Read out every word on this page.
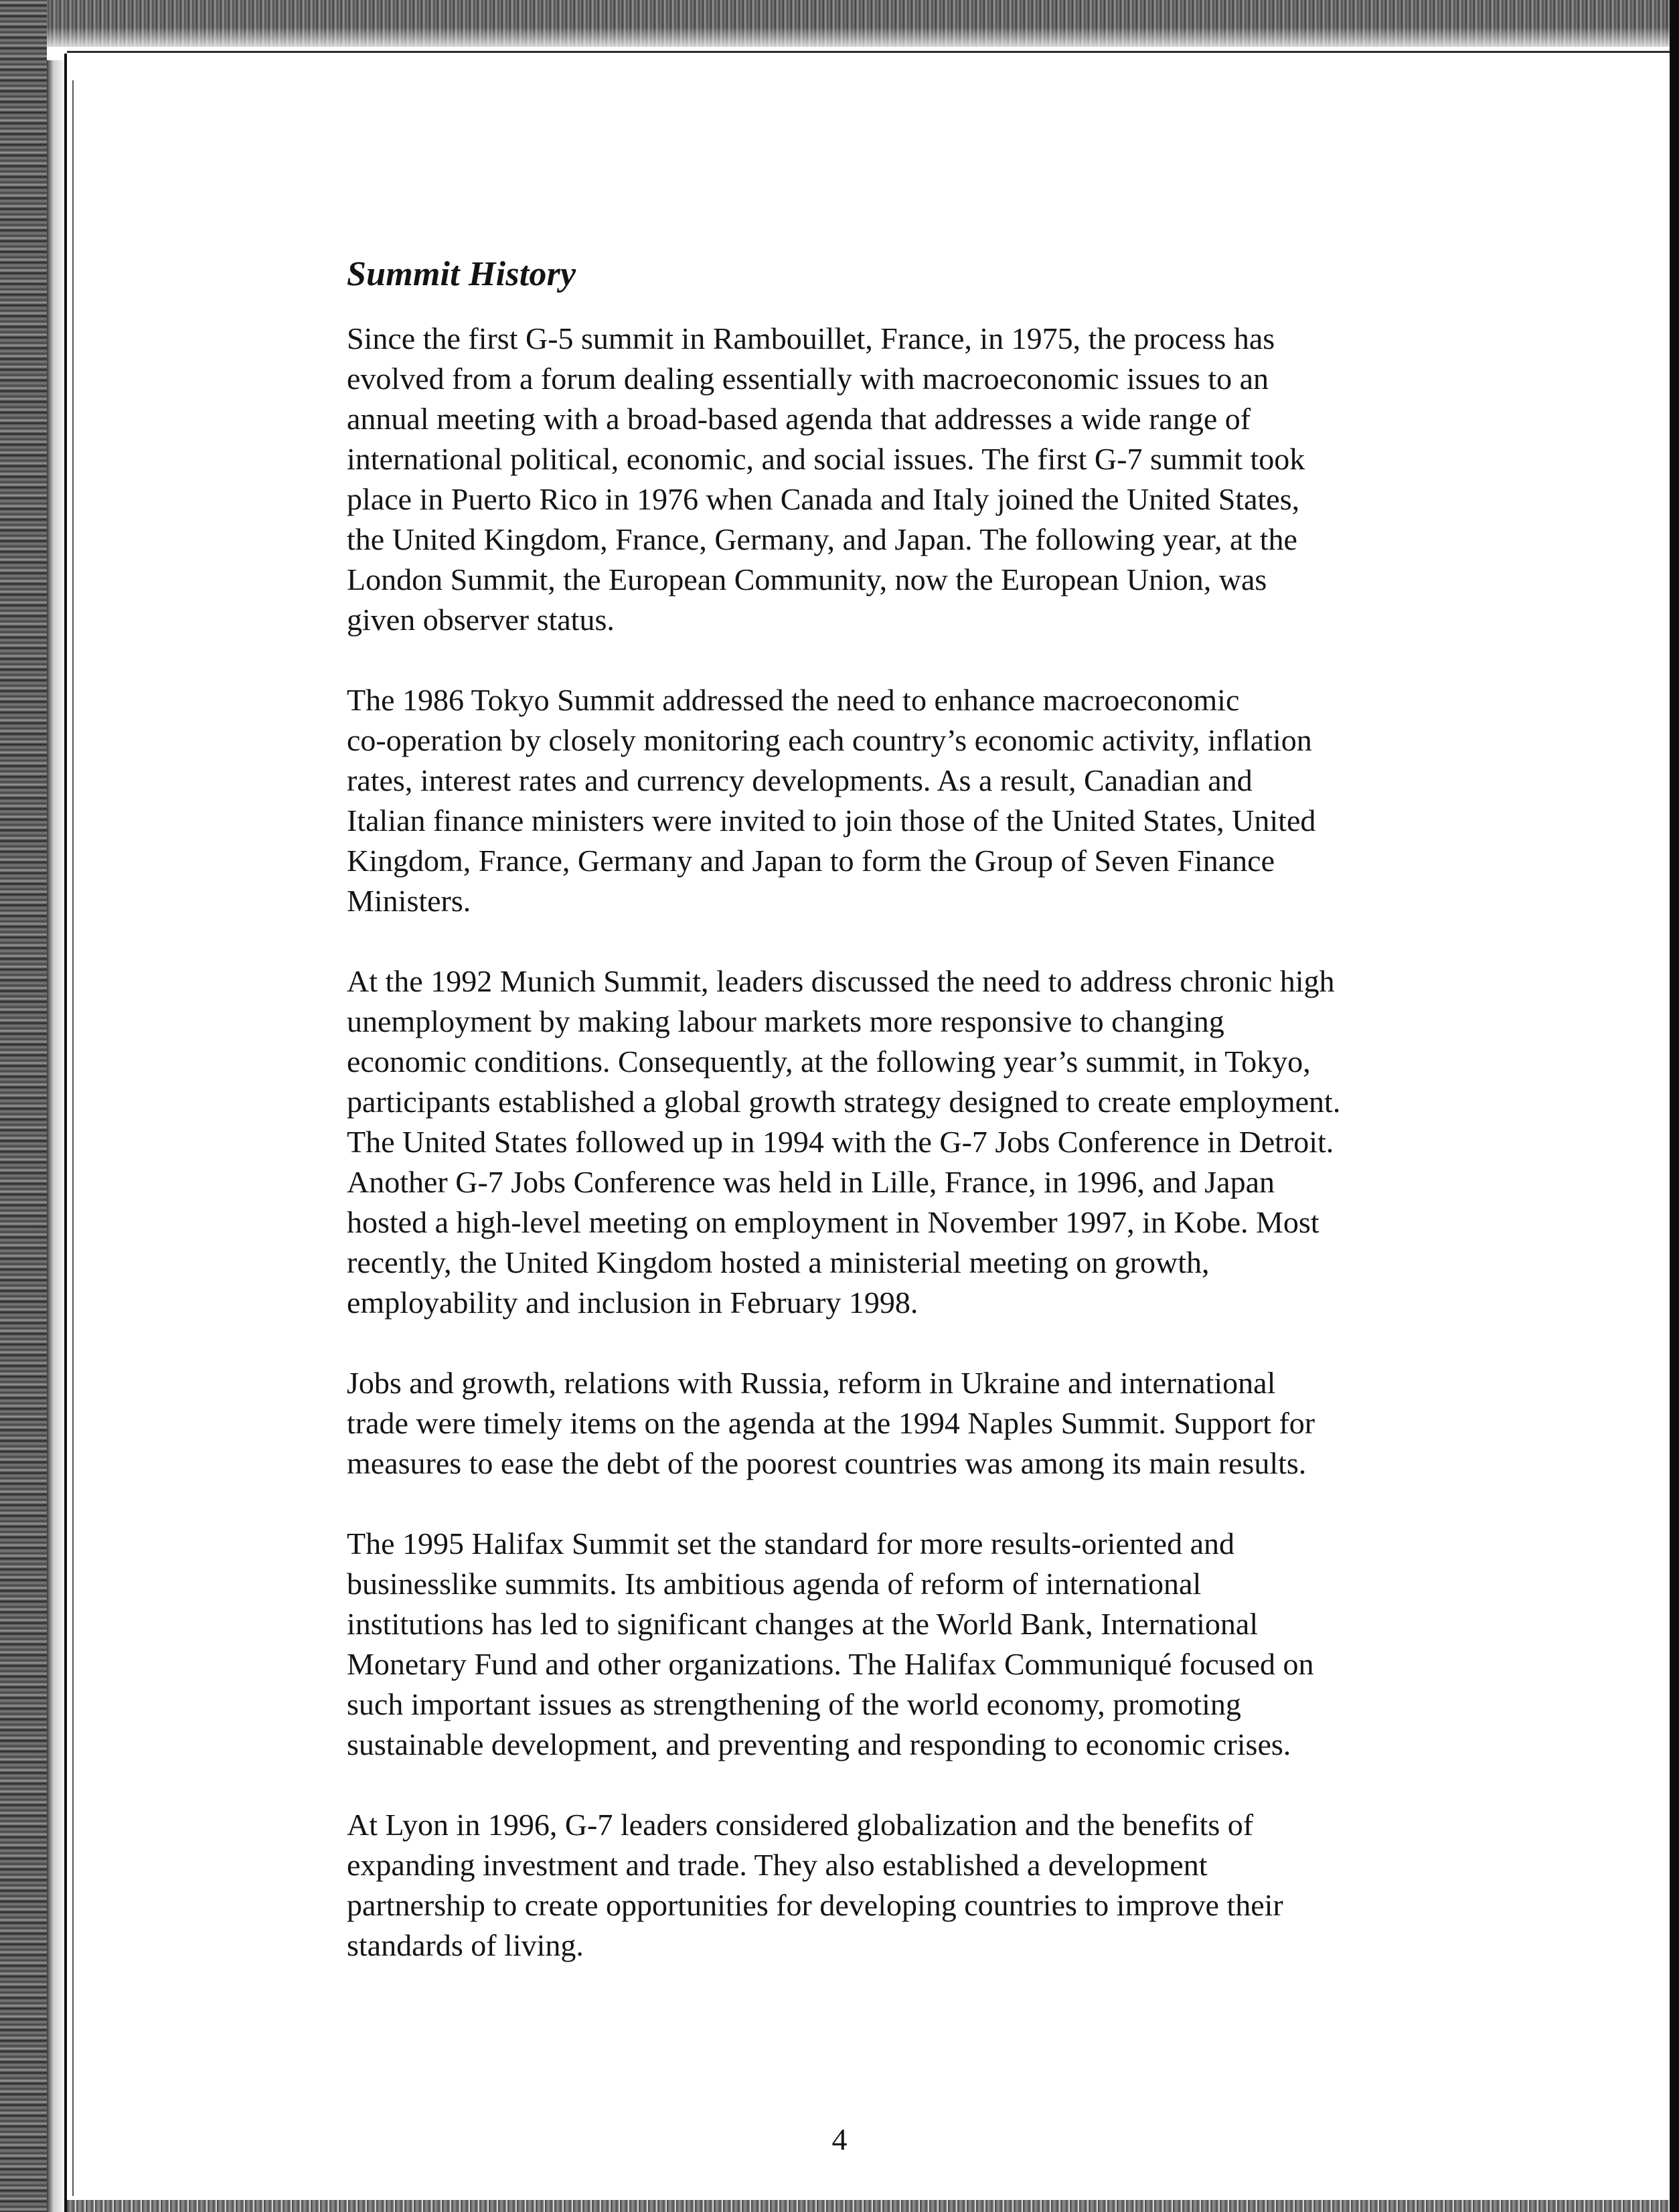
Summit History
Since the first G-5 summit in Rambouillet, France, in 1975, the process has
evolved from a forum dealing essentially with macroeconomic issues to an
annual meeting with a broad-based agenda that addresses a wide range of
international political, economic, and social issues. The first G-7 summit took
place in Puerto Rico in 1976 when Canada and Italy joined the United States,
the United Kingdom, France, Germany, and Japan. The following year, at the
London Summit, the European Community, now the European Union, was
given observer status.
The 1986 Tokyo Summit addressed the need to enhance macroeconomic
co-operation by closely monitoring each country’s economic activity, inflation
rates, interest rates and currency developments. As a result, Canadian and
Italian finance ministers were invited to join those of the United States, United
Kingdom, France, Germany and Japan to form the Group of Seven Finance
Ministers.
At the 1992 Munich Summit, leaders discussed the need to address chronic high
unemployment by making labour markets more responsive to changing
economic conditions. Consequently, at the following year’s summit, in Tokyo,
participants established a global growth strategy designed to create employment.
The United States followed up in 1994 with the G-7 Jobs Conference in Detroit.
Another G-7 Jobs Conference was held in Lille, France, in 1996, and Japan
hosted a high-level meeting on employment in November 1997, in Kobe. Most
recently, the United Kingdom hosted a ministerial meeting on growth,
employability and inclusion in February 1998.
Jobs and growth, relations with Russia, reform in Ukraine and international
trade were timely items on the agenda at the 1994 Naples Summit. Support for
measures to ease the debt of the poorest countries was among its main results.
The 1995 Halifax Summit set the standard for more results-oriented and
businesslike summits. Its ambitious agenda of reform of international
institutions has led to significant changes at the World Bank, International
Monetary Fund and other organizations. The Halifax Communiqué focused on
such important issues as strengthening of the world economy, promoting
sustainable development, and preventing and responding to economic crises.
At Lyon in 1996, G-7 leaders considered globalization and the benefits of
expanding investment and trade. They also established a development
partnership to create opportunities for developing countries to improve their
standards of living.
4
